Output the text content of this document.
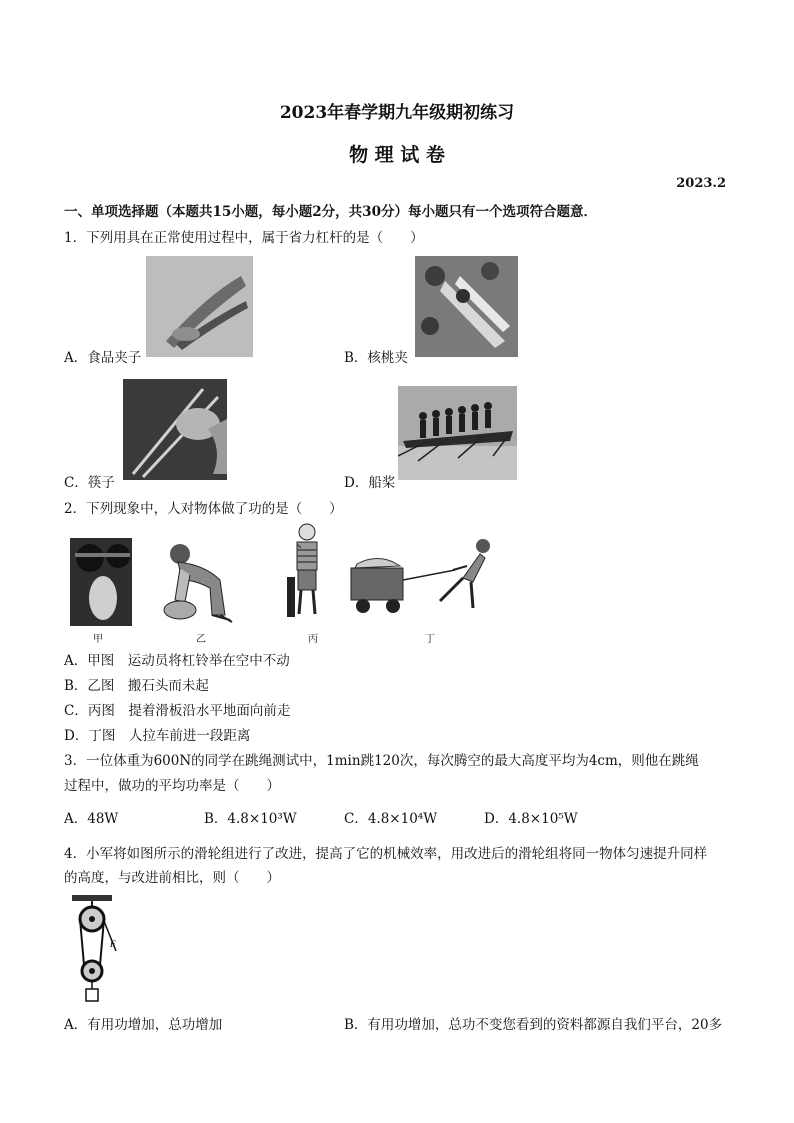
2023年春学期九年级期初练习
物 理 试 卷
2023.2
一、单项选择题（本题共15小题，每小题2分，共30分）每小题只有一个选项符合题意．
1．下列用具在正常使用过程中，属于省力杠杆的是（　　）
A．食品夹子	B．核桃夹
C．筷子	D．船桨
2．下列现象中，人对物体做了功的是（　　）
甲	乙	丙	丁
A．甲图　运动员将杠铃举在空中不动
B．乙图　搬石头而未起
C．丙图　提着滑板沿水平地面向前走
D．丁图　人拉车前进一段距离
3．一位体重为600N的同学在跳绳测试中，1min跳120次，每次腾空的最大高度平均为4cm，则他在跳绳
过程中，做功的平均功率是（　　）
A．48W	B．4.8×10³W	C．4.8×10⁴W	D．4.8×10⁵W
4．小军将如图所示的滑轮组进行了改进，提高了它的机械效率，用改进后的滑轮组将同一物体匀速提升同样
的高度，与改进前相比，则（　　）
F
A．有用功增加，总功增加	B．有用功增加，总功不变您看到的资料都源自我们平台，20多
